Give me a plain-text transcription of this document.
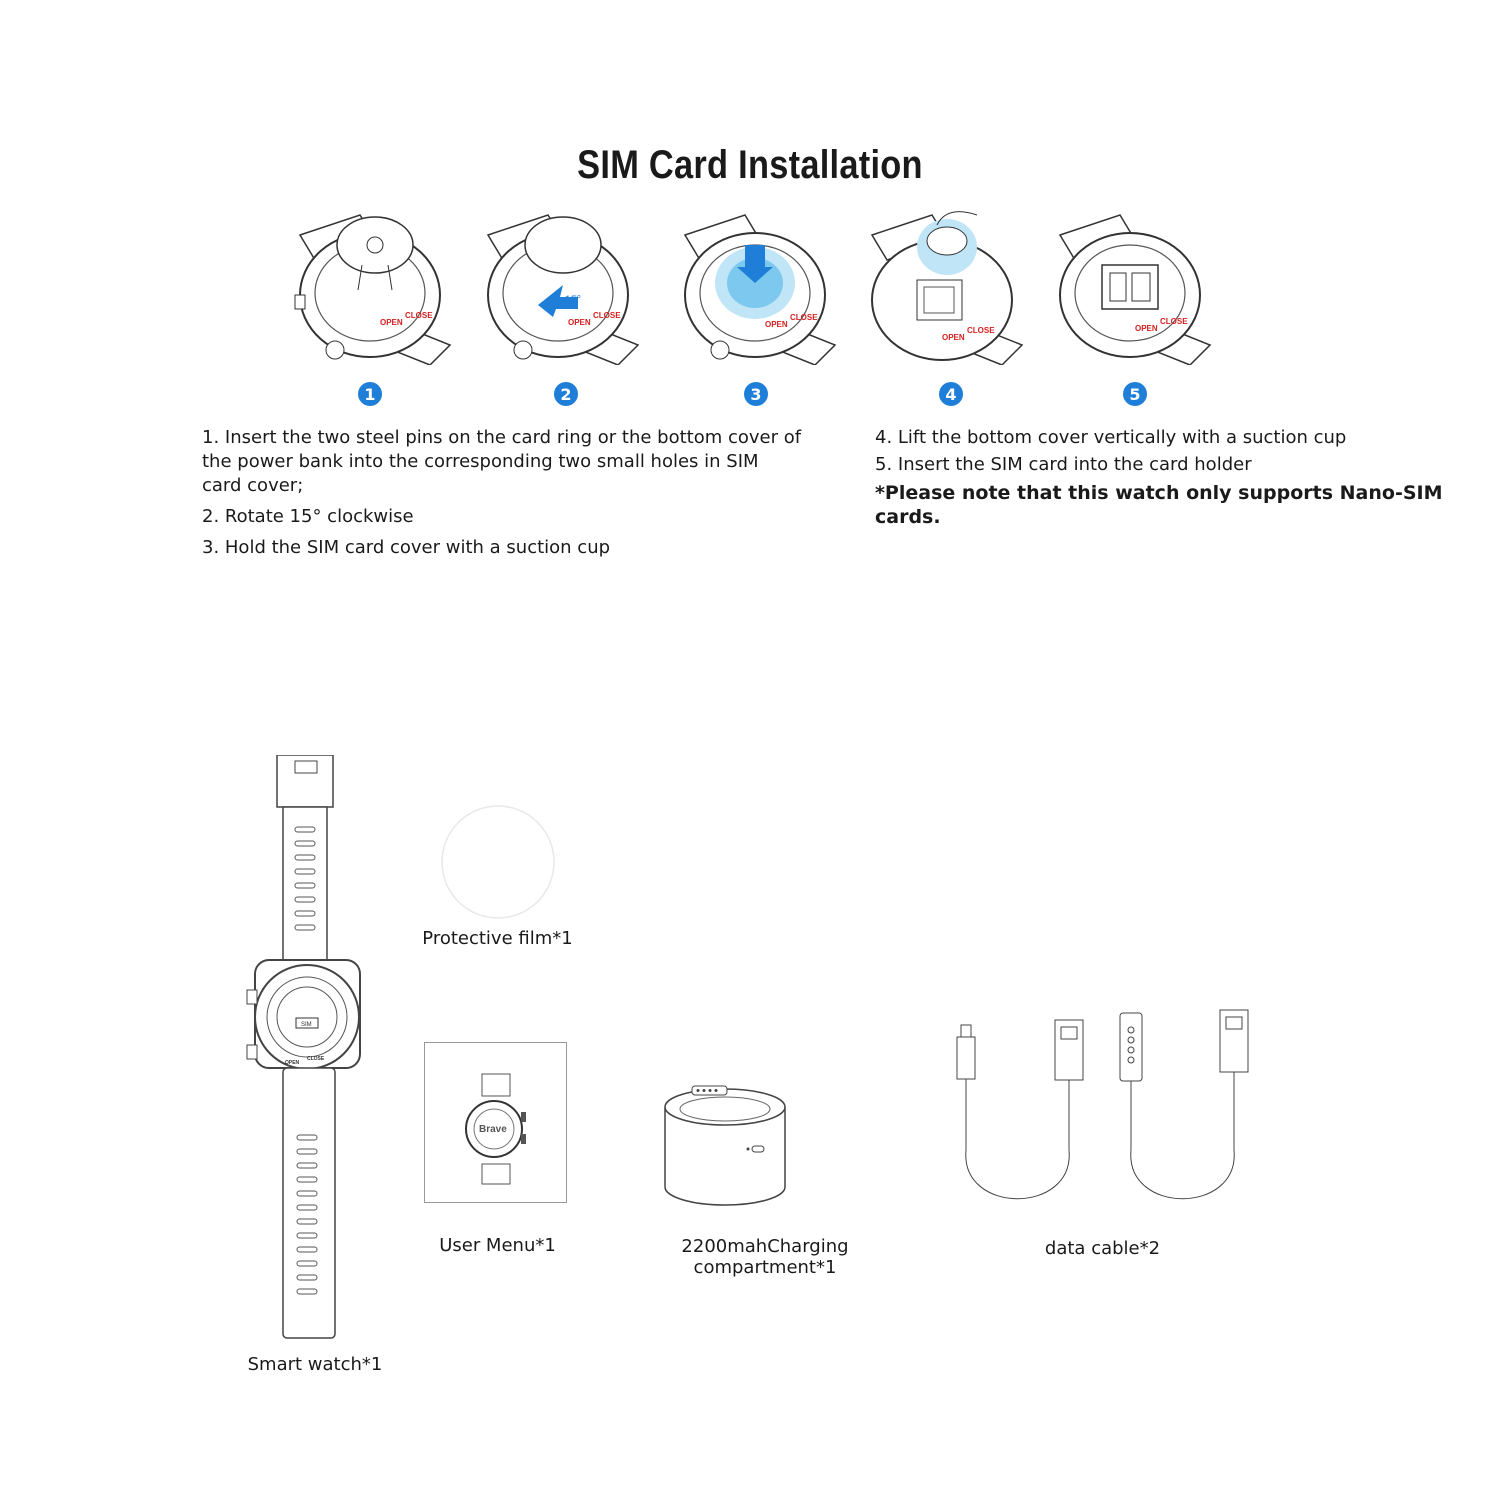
SIM Card Installation
OPEN
CLOSE
1
15°
OPEN
CLOSE
2
OPEN
CLOSE
3
OPEN
CLOSE
4
OPEN
CLOSE
5
1. Insert the two steel pins on the card ring or the bottom cover of the power bank into the corresponding two small holes in SIM card cover;
2. Rotate 15° clockwise
3. Hold the SIM card cover with a suction cup
4. Lift the bottom cover vertically with a suction cup
5. Insert the SIM card into the card holder
*Please note that this watch only supports Nano-SIM cards.
SIM
OPEN
CLOSE
Smart watch*1
Protective film*1
Brave
User Menu*1	2200mahCharging compartment*1
data cable*2
